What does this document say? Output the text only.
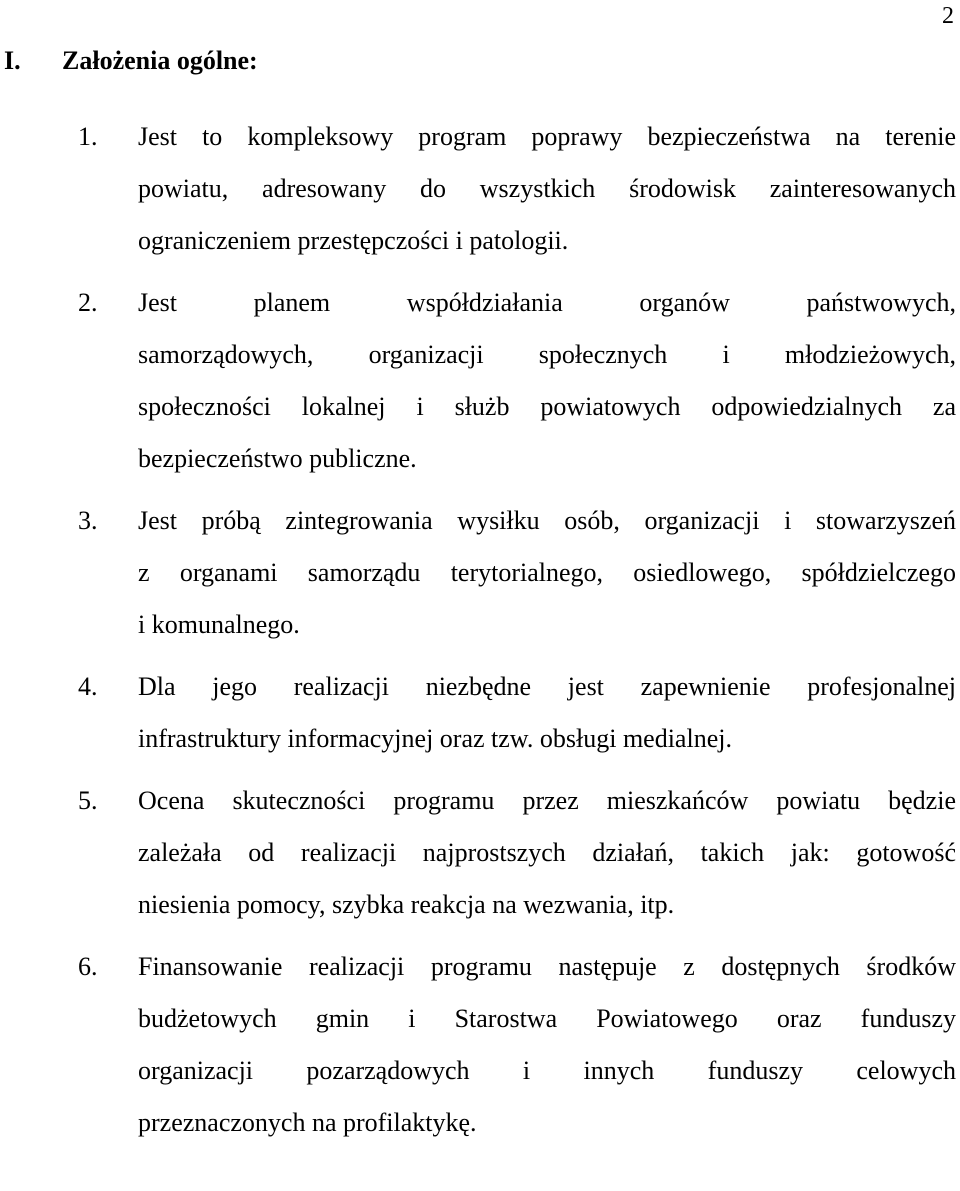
2
I. Założenia ogólne:
1. Jest to kompleksowy program poprawy bezpieczeństwa na terenie
powiatu, adresowany do wszystkich środowisk zainteresowanych
ograniczeniem przestępczości i patologii.
2. Jest planem współdziałania organów państwowych,
samorządowych, organizacji społecznych i młodzieżowych,
społeczności lokalnej i służb powiatowych odpowiedzialnych za
bezpieczeństwo publiczne.
3. Jest próbą zintegrowania wysiłku osób, organizacji i stowarzyszeń
z organami samorządu terytorialnego, osiedlowego, spółdzielczego
i komunalnego.
4. Dla jego realizacji niezbędne jest zapewnienie profesjonalnej
infrastruktury informacyjnej oraz tzw. obsługi medialnej.
5. Ocena skuteczności programu przez mieszkańców powiatu będzie
zależała od realizacji najprostszych działań, takich jak: gotowość
niesienia pomocy, szybka reakcja na wezwania, itp.
6. Finansowanie realizacji programu następuje z dostępnych środków
budżetowych gmin i Starostwa Powiatowego oraz funduszy
organizacji pozarządowych i innych funduszy celowych
przeznaczonych na profilaktykę.
